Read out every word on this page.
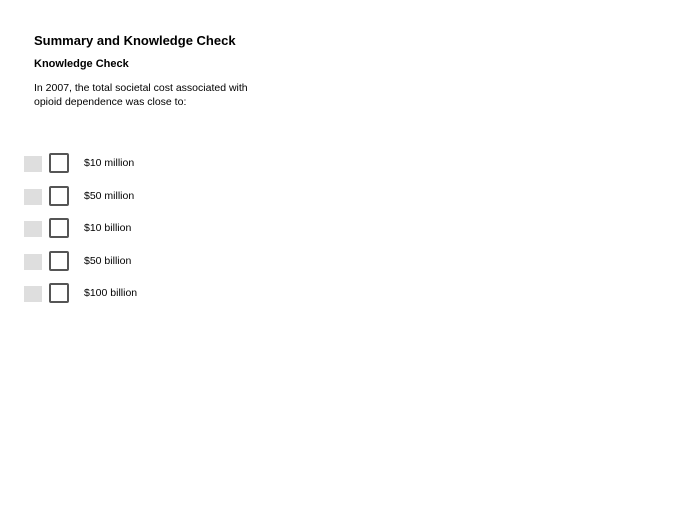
Summary and Knowledge Check
Knowledge Check
In 2007, the total societal cost associated with opioid dependence was close to:
$10 million
$50 million
$10 billion
$50 billion
$100 billion
